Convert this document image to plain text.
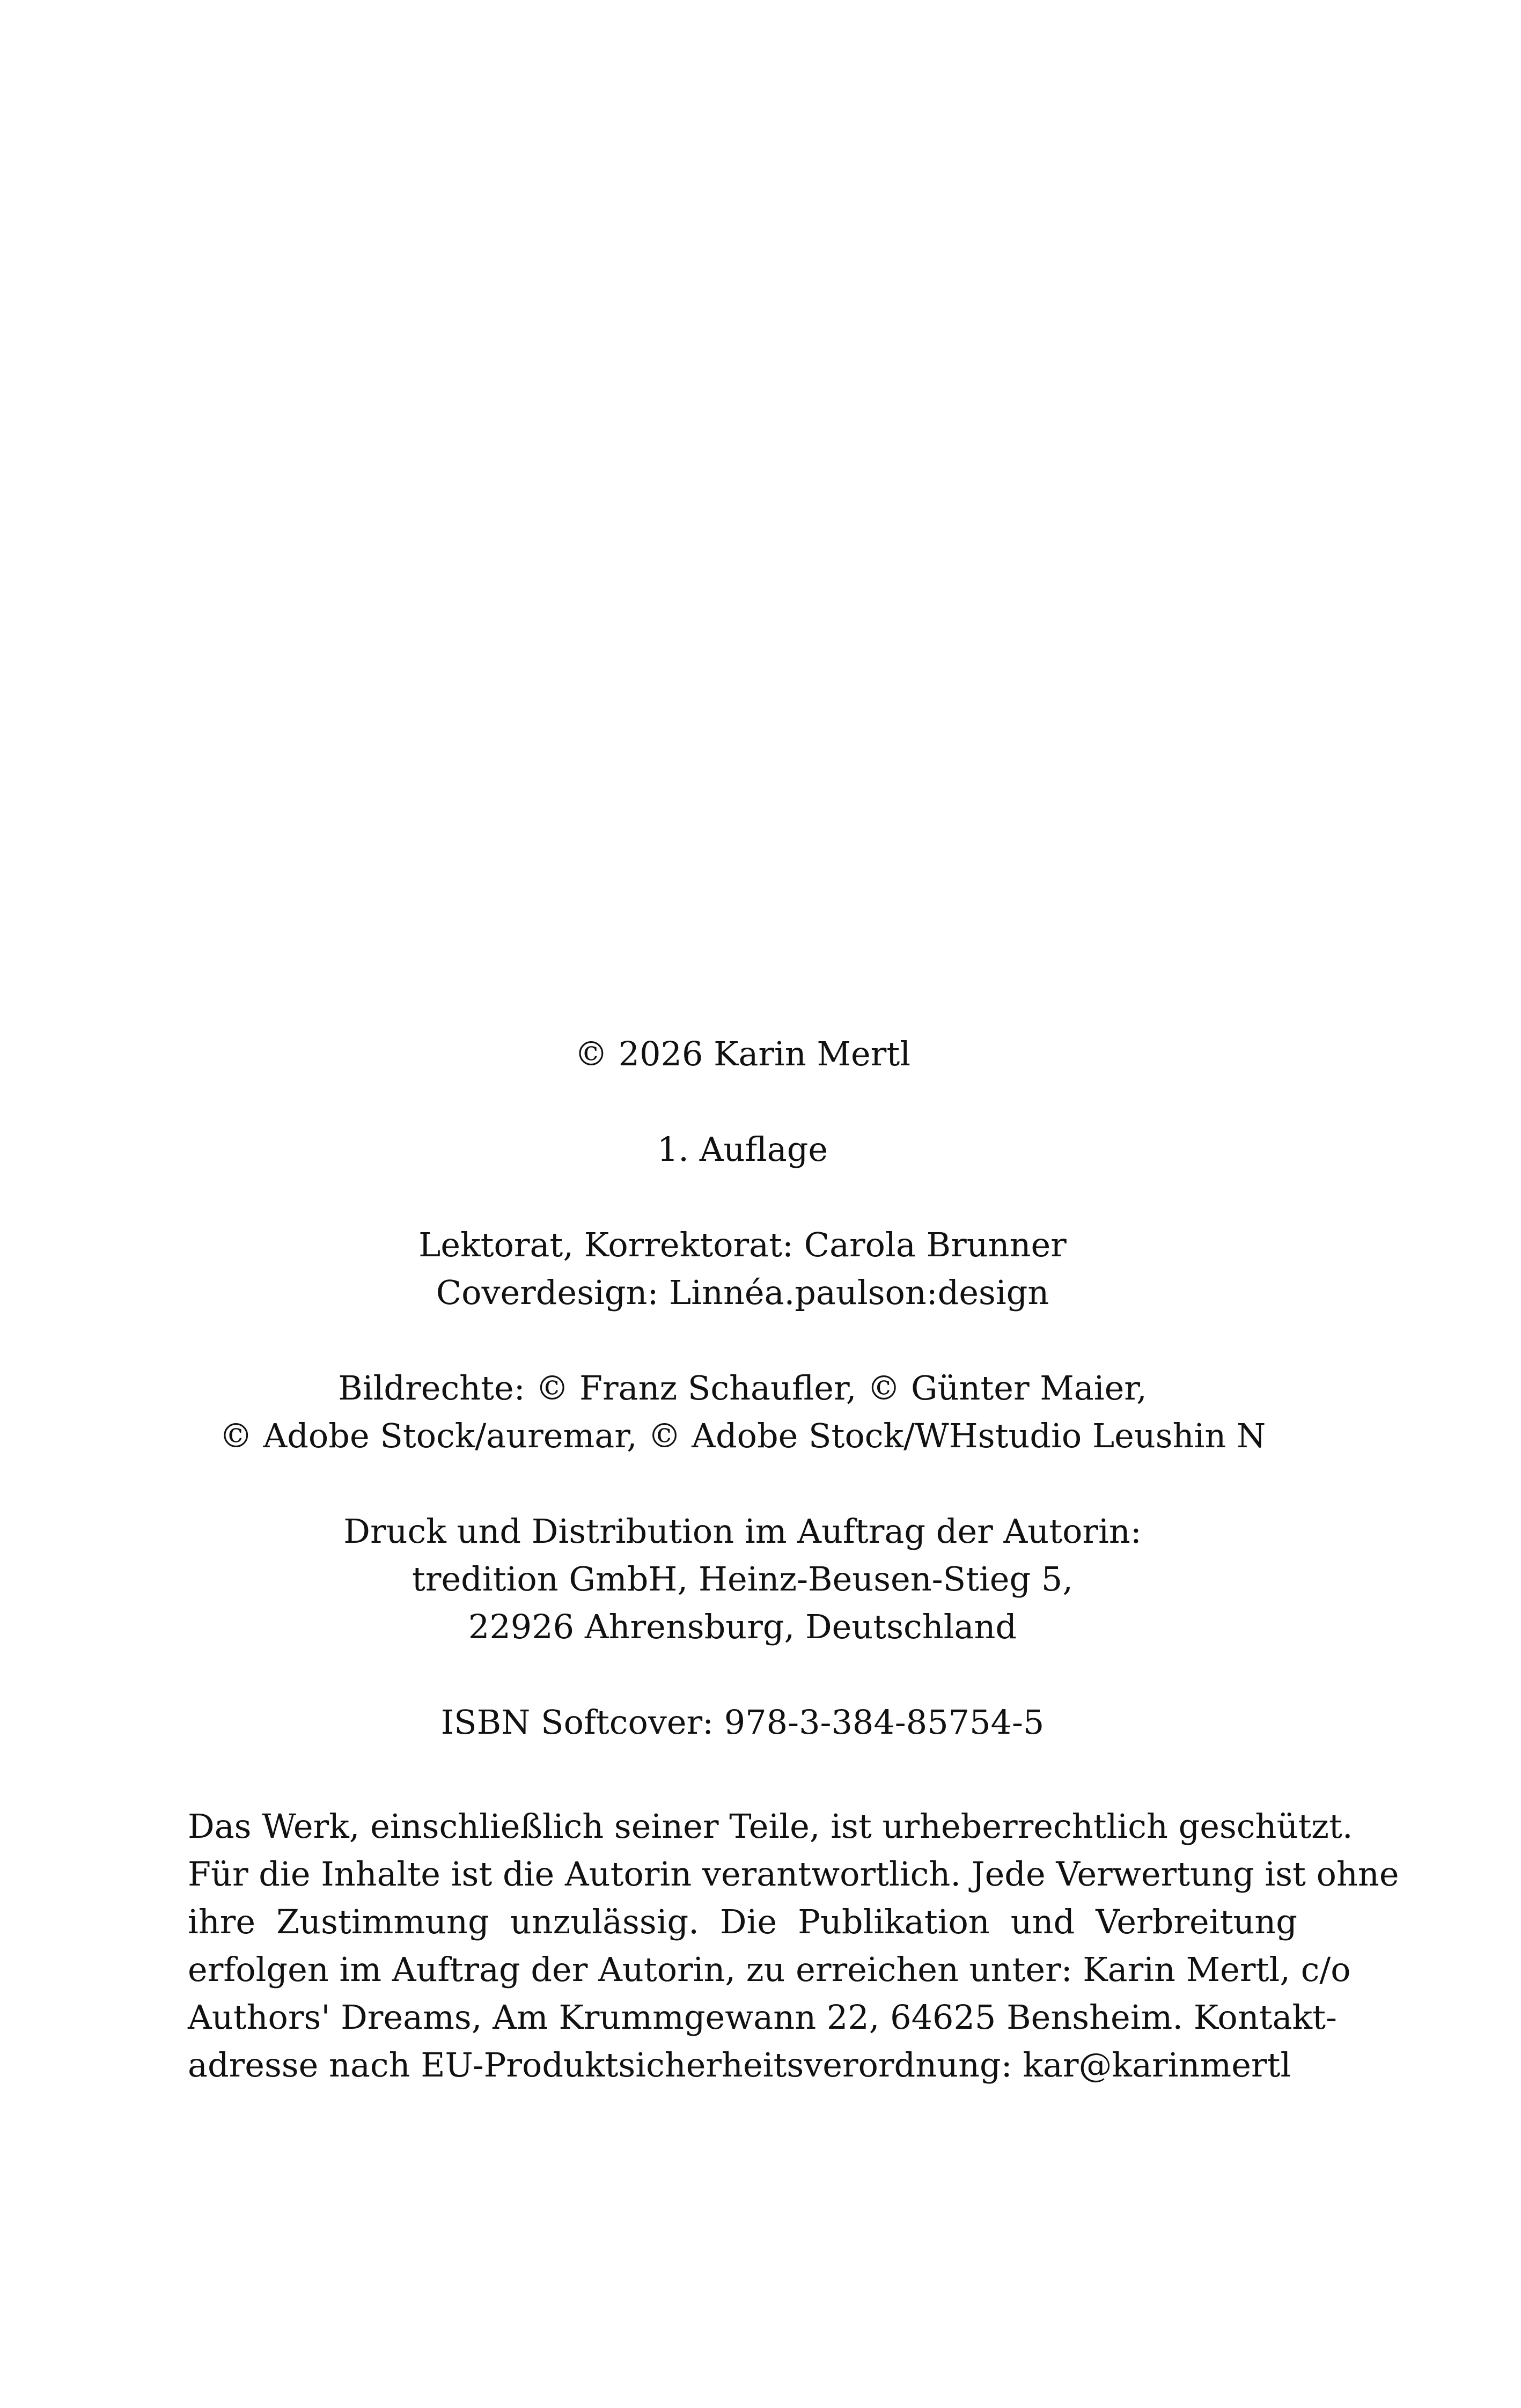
© 2026 Karin Mertl
1. Auflage
Lektorat, Korrektorat: Carola Brunner
Coverdesign: Linnéa.paulson:design
Bildrechte: © Franz Schaufler, © Günter Maier,
© Adobe Stock/auremar, © Adobe Stock/WHstudio Leushin N
Druck und Distribution im Auftrag der Autorin:
tredition GmbH, Heinz-Beusen-Stieg 5,
22926 Ahrensburg, Deutschland
ISBN Softcover: 978-3-384-85754-5
Das Werk, einschließlich seiner Teile, ist urheberrechtlich geschützt.
Für die Inhalte ist die Autorin verantwortlich. Jede Verwertung ist ohne
ihre Zustimmung unzulässig. Die Publikation und Verbreitung
erfolgen im Auftrag der Autorin, zu erreichen unter: Karin Mertl, c/o
Authors' Dreams, Am Krummgewann 22, 64625 Bensheim. Kontakt-
adresse nach EU-Produktsicherheitsverordnung: kar@karinmertl
